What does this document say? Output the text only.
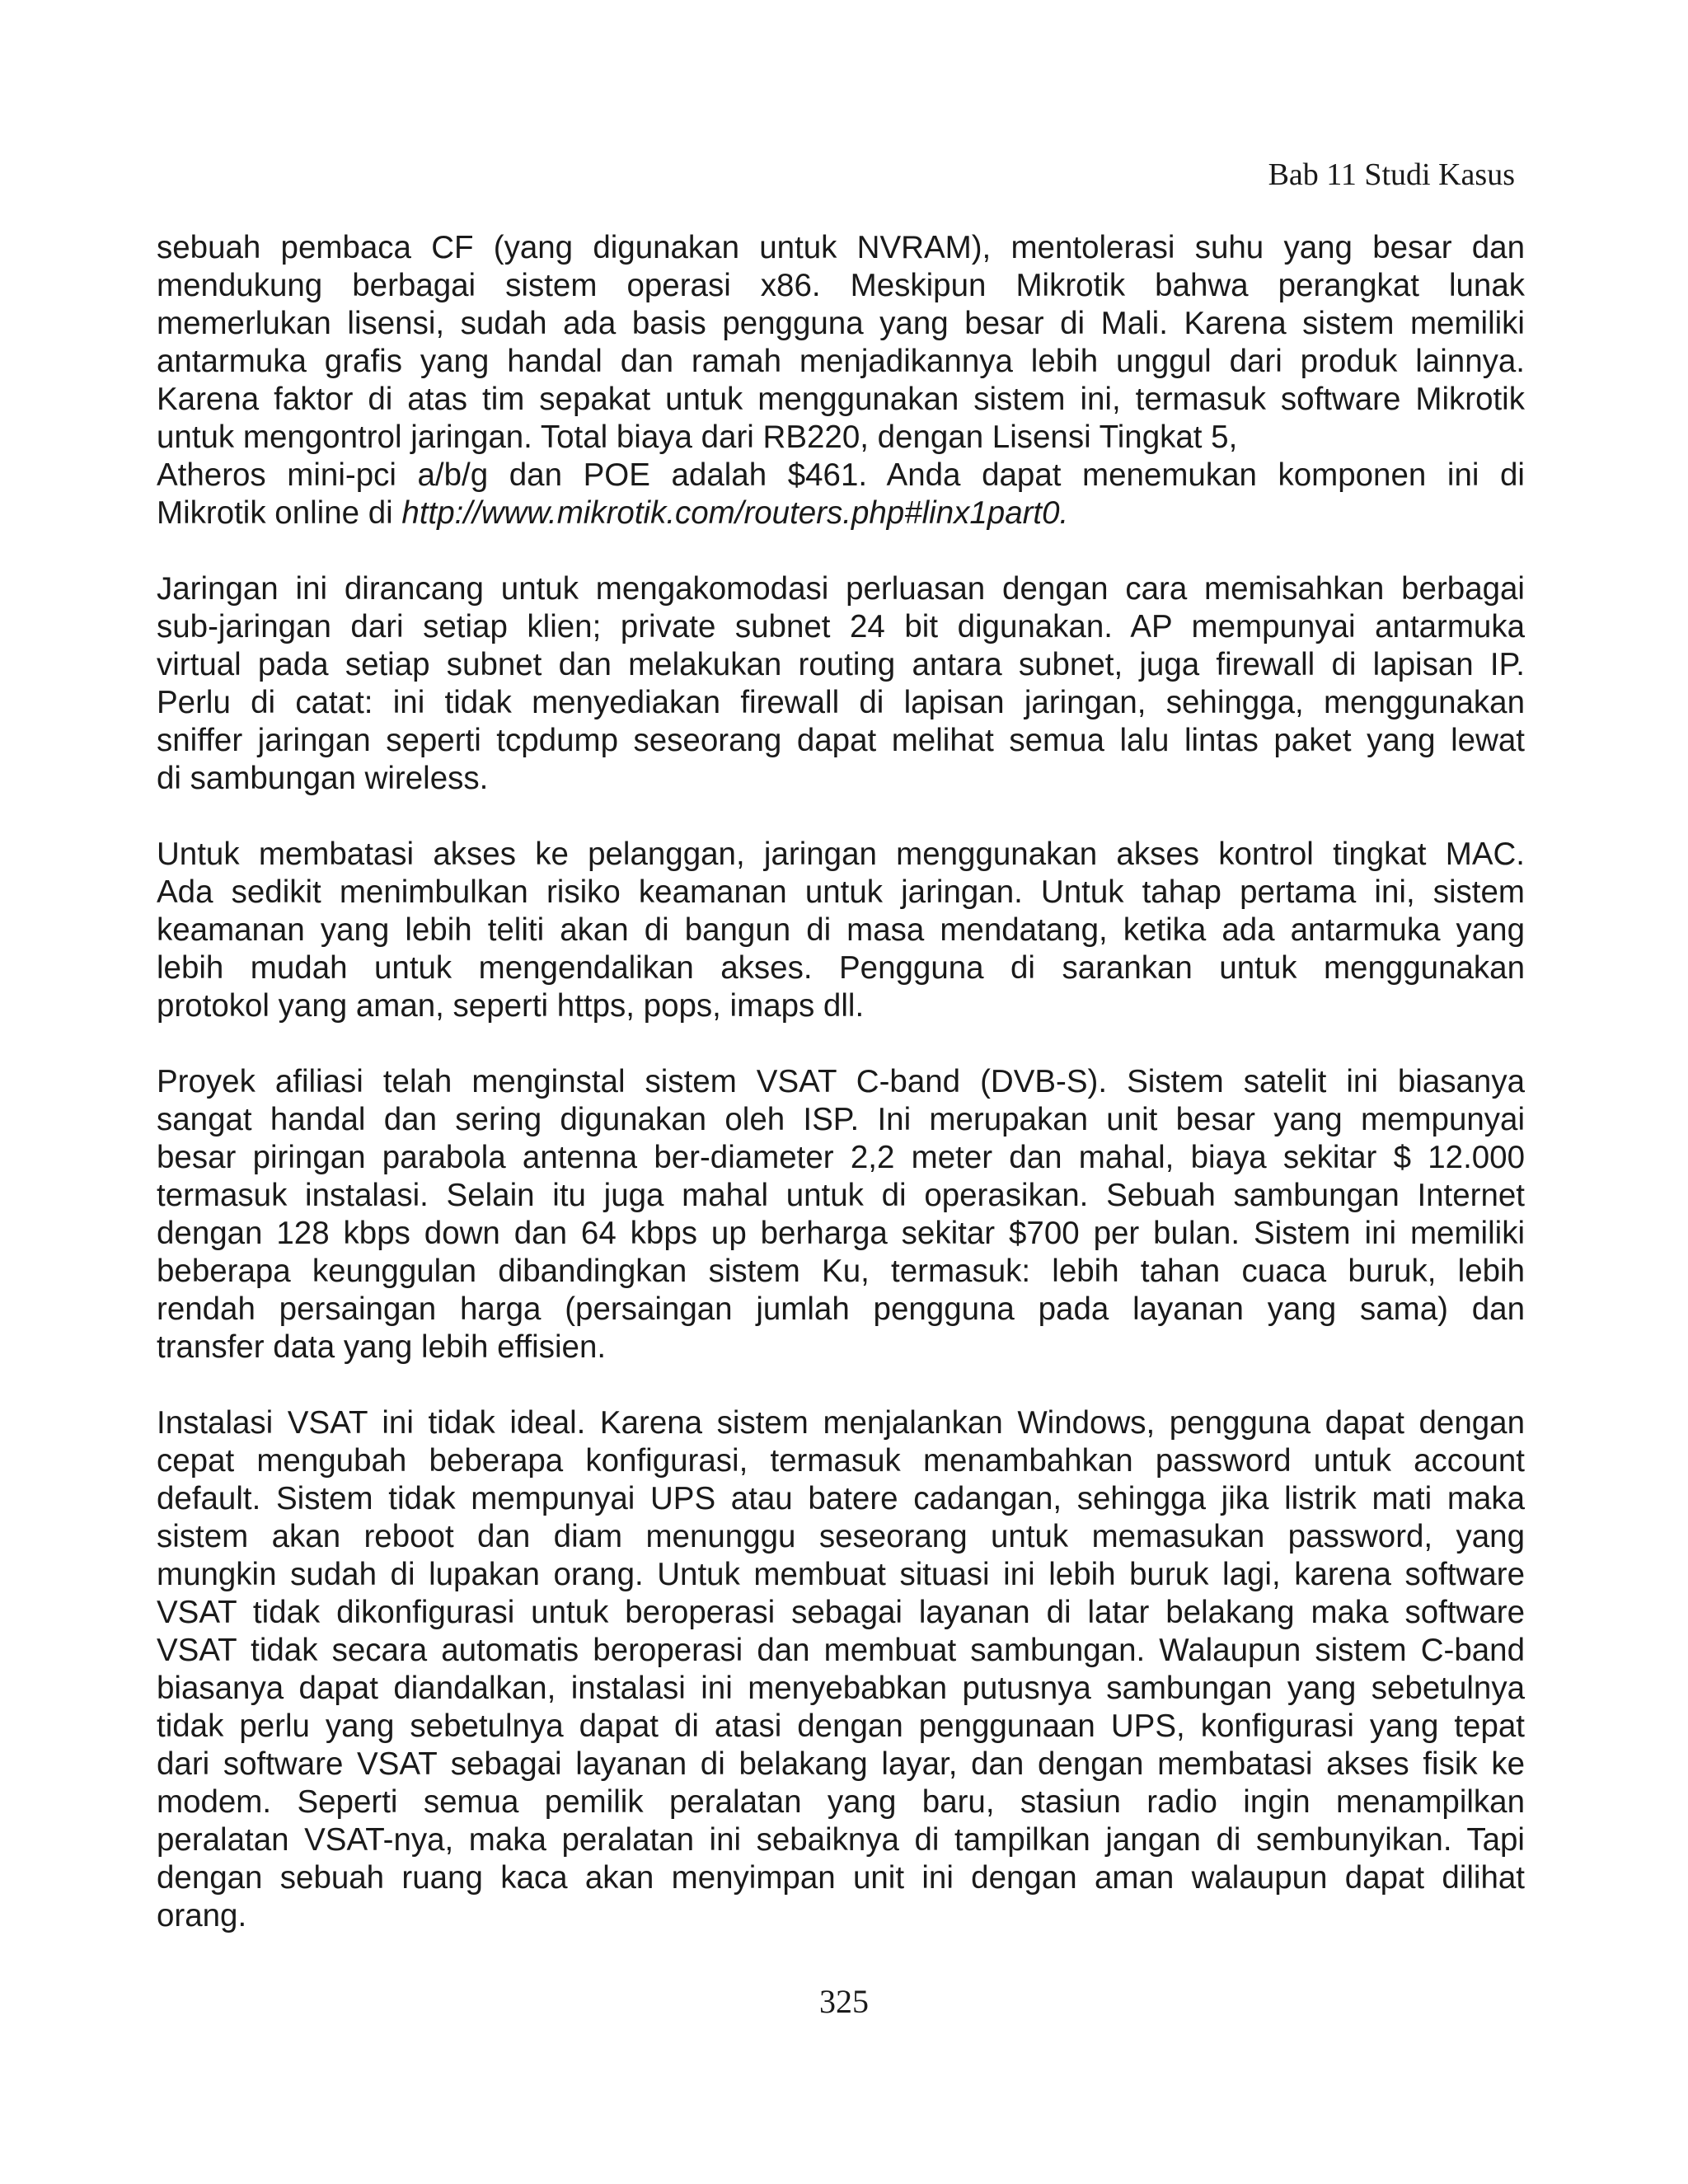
Bab 11 Studi Kasus
sebuah pembaca CF (yang digunakan untuk NVRAM), mentolerasi suhu yang besar dan
mendukung berbagai sistem operasi x86. Meskipun Mikrotik bahwa perangkat lunak
memerlukan lisensi, sudah ada basis pengguna yang besar di Mali. Karena sistem memiliki
antarmuka grafis yang handal dan ramah menjadikannya lebih unggul dari produk lainnya.
Karena faktor di atas tim sepakat untuk menggunakan sistem ini, termasuk software Mikrotik
untuk mengontrol jaringan. Total biaya dari RB220, dengan Lisensi Tingkat 5,
Atheros mini-pci a/b/g dan POE adalah $461. Anda dapat menemukan komponen ini di
Mikrotik online di http://www.mikrotik.com/routers.php#linx1part0.
Jaringan ini dirancang untuk mengakomodasi perluasan dengan cara memisahkan berbagai
sub-jaringan dari setiap klien; private subnet 24 bit digunakan. AP mempunyai antarmuka
virtual pada setiap subnet dan melakukan routing antara subnet, juga firewall di lapisan IP.
Perlu di catat: ini tidak menyediakan firewall di lapisan jaringan, sehingga, menggunakan
sniffer jaringan seperti tcpdump seseorang dapat melihat semua lalu lintas paket yang lewat
di sambungan wireless.
Untuk membatasi akses ke pelanggan, jaringan menggunakan akses kontrol tingkat MAC.
Ada sedikit menimbulkan risiko keamanan untuk jaringan. Untuk tahap pertama ini, sistem
keamanan yang lebih teliti akan di bangun di masa mendatang, ketika ada antarmuka yang
lebih mudah untuk mengendalikan akses. Pengguna di sarankan untuk menggunakan
protokol yang aman, seperti https, pops, imaps dll.
Proyek afiliasi telah menginstal sistem VSAT C-band (DVB-S). Sistem satelit ini biasanya
sangat handal dan sering digunakan oleh ISP. Ini merupakan unit besar yang mempunyai
besar piringan parabola antenna ber-diameter 2,2 meter dan mahal, biaya sekitar $ 12.000
termasuk instalasi. Selain itu juga mahal untuk di operasikan. Sebuah sambungan Internet
dengan 128 kbps down dan 64 kbps up berharga sekitar $700 per bulan. Sistem ini memiliki
beberapa keunggulan dibandingkan sistem Ku, termasuk: lebih tahan cuaca buruk, lebih
rendah persaingan harga (persaingan jumlah pengguna pada layanan yang sama) dan
transfer data yang lebih effisien.
Instalasi VSAT ini tidak ideal. Karena sistem menjalankan Windows, pengguna dapat dengan
cepat mengubah beberapa konfigurasi, termasuk menambahkan password untuk account
default. Sistem tidak mempunyai UPS atau batere cadangan, sehingga jika listrik mati maka
sistem akan reboot dan diam menunggu seseorang untuk memasukan password, yang
mungkin sudah di lupakan orang. Untuk membuat situasi ini lebih buruk lagi, karena software
VSAT tidak dikonfigurasi untuk beroperasi sebagai layanan di latar belakang maka software
VSAT tidak secara automatis beroperasi dan membuat sambungan. Walaupun sistem C-band
biasanya dapat diandalkan, instalasi ini menyebabkan putusnya sambungan yang sebetulnya
tidak perlu yang sebetulnya dapat di atasi dengan penggunaan UPS, konfigurasi yang tepat
dari software VSAT sebagai layanan di belakang layar, dan dengan membatasi akses fisik ke
modem. Seperti semua pemilik peralatan yang baru, stasiun radio ingin menampilkan
peralatan VSAT-nya, maka peralatan ini sebaiknya di tampilkan jangan di sembunyikan. Tapi
dengan sebuah ruang kaca akan menyimpan unit ini dengan aman walaupun dapat dilihat
orang.
325
